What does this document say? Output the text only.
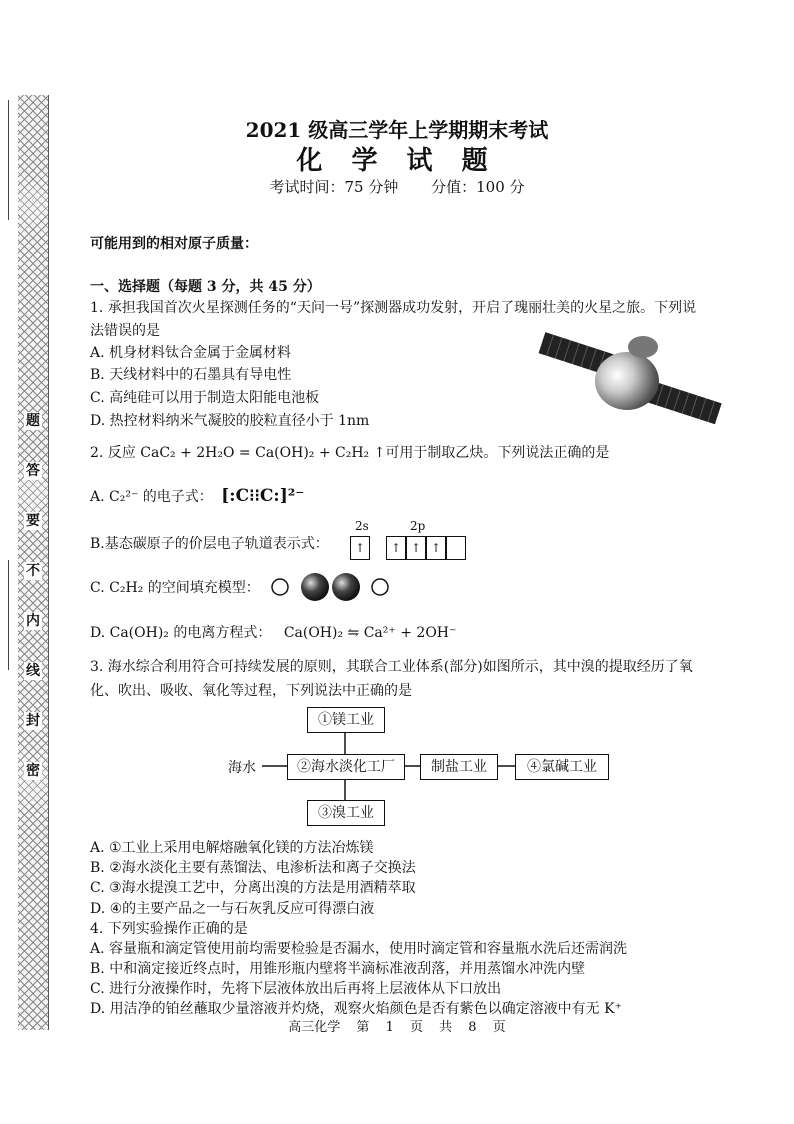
题
答
要
不
内
线
封
密
2021 级高三学年上学期期末考试
化 学 试 题
考试时间：75 分钟 分值：100 分
可能用到的相对原子质量：
一、选择题（每题 3 分，共 45 分）
1. 承担我国首次火星探测任务的“天问一号”探测器成功发射，开启了瑰丽壮美的火星之旅。下列说
法错误的是
A. 机身材料钛合金属于金属材料
B. 天线材料中的石墨具有导电性
C. 高纯硅可以用于制造太阳能电池板
D. 热控材料纳米气凝胶的胶粒直径小于 1nm
2. 反应 CaC₂ + 2H₂O = Ca(OH)₂ + C₂H₂ ↑可用于制取乙炔。下列说法正确的是
A. C₂²⁻ 的电子式： [:C⁝⁝C:]²⁻
B.基态碳原子的价层电子轨道表示式：
2s	2p
↑	↑ ↑ ↑
C. C₂H₂ 的空间填充模型：
D. Ca(OH)₂ 的电离方程式： Ca(OH)₂ ⇋ Ca²⁺ + 2OH⁻
3. 海水综合利用符合可持续发展的原则，其联合工业体系(部分)如图所示，其中溴的提取经历了氧
化、吹出、吸收、氧化等过程，下列说法中正确的是
海水
①镁工业
②海水淡化工厂	制盐工业	④氯碱工业
③溴工业
A. ①工业上采用电解熔融氧化镁的方法冶炼镁
B. ②海水淡化主要有蒸馏法、电渗析法和离子交换法
C. ③海水提溴工艺中，分离出溴的方法是用酒精萃取
D. ④的主要产品之一与石灰乳反应可得漂白液
4. 下列实验操作正确的是
A. 容量瓶和滴定管使用前均需要检验是否漏水，使用时滴定管和容量瓶水洗后还需润洗
B. 中和滴定接近终点时，用锥形瓶内壁将半滴标准液刮落，并用蒸馏水冲洗内壁
C. 进行分液操作时，先将下层液体放出后再将上层液体从下口放出
D. 用洁净的铂丝蘸取少量溶液并灼烧，观察火焰颜色是否有紫色以确定溶液中有无 K⁺
高三化学 第 1 页 共 8 页
